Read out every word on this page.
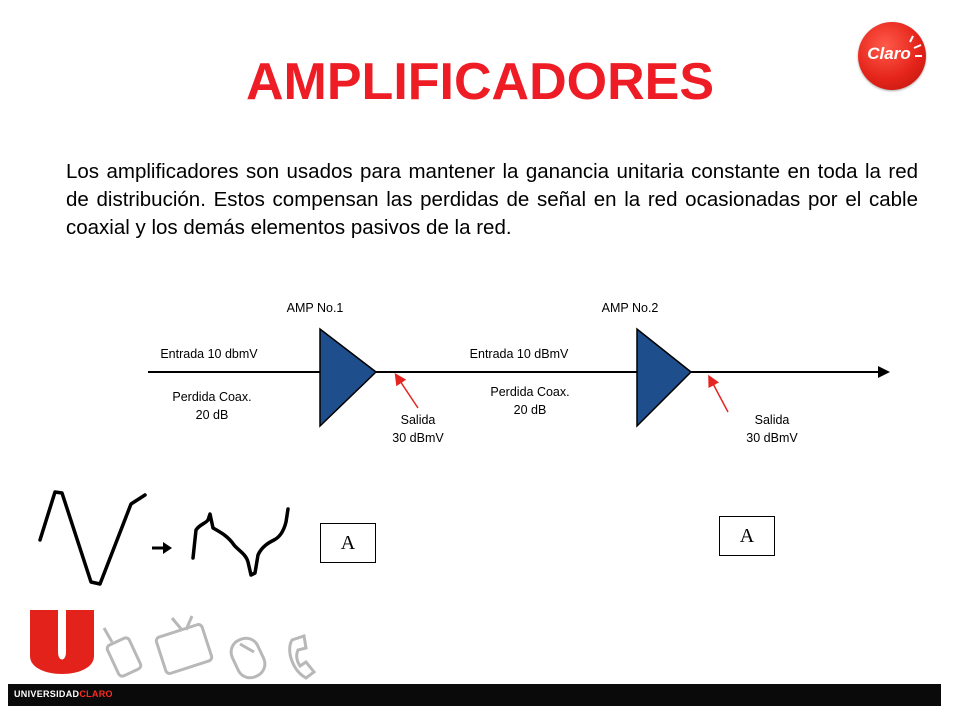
AMPLIFICADORES	Claro
Los amplificadores son usados para mantener la ganancia unitaria constante en toda la red de distribución. Estos compensan las perdidas de señal en la red ocasionadas por el cable coaxial y los demás elementos pasivos de la red.
AMP No.1
Entrada 10 dbmV
Perdida Coax.
20 dB	Salida
30 dBmV
AMP No.2
Entrada 10 dBmV
Perdida Coax.
20 dB
Salida
30 dBmV
A	A
UNIVERSIDADCLARO
